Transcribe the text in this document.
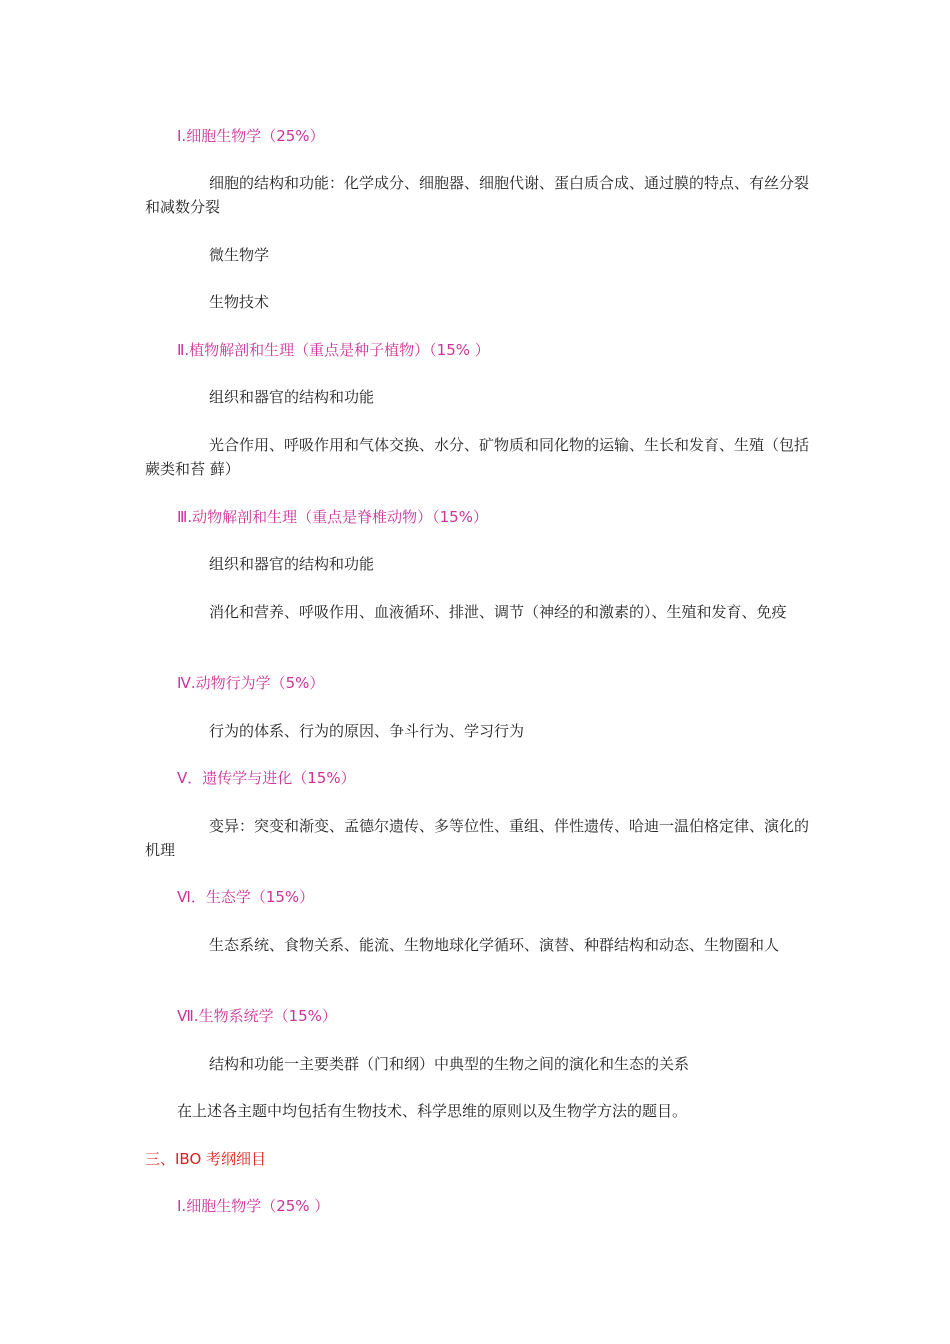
Ⅰ.细胞生物学（25%）

细胞的结构和功能：化学成分、细胞器、细胞代谢、蛋白质合成、通过膜的特点、有丝分裂和减数分裂

微生物学

生物技术

Ⅱ.植物解剖和生理（重点是种子植物）（15% ）

组织和器官的结构和功能

光合作用、呼吸作用和气体交换、水分、矿物质和同化物的运输、生长和发育、生殖（包括蕨类和苔 藓）

Ⅲ.动物解剖和生理（重点是脊椎动物）（15%）

组织和器官的结构和功能

消化和营养、呼吸作用、血液循环、排泄、调节（神经的和激素的）、生殖和发育、免疫

Ⅳ.动物行为学（5%）

行为的体系、行为的原因、争斗行为、学习行为

Ⅴ．遗传学与进化（15%）

变异：突变和渐变、孟德尔遗传、多等位性、重组、伴性遗传、哈迪一温伯格定律、演化的机理

Ⅵ．生态学（15%）

生态系统、食物关系、能流、生物地球化学循环、演替、种群结构和动态、生物圈和人

Ⅶ.生物系统学（15%）

结构和功能一主要类群（门和纲）中典型的生物之间的演化和生态的关系

在上述各主题中均包括有生物技术、科学思维的原则以及生物学方法的题目。

三、IBO 考纲细目

Ⅰ.细胞生物学（25% ）
